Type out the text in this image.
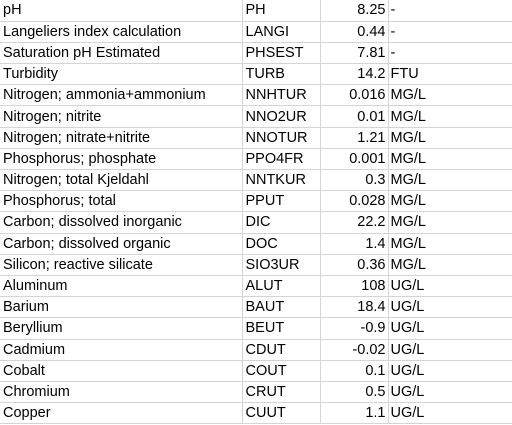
pH	PH	8.25	-
Langeliers index calculation	LANGI	0.44	-
Saturation pH Estimated	PHSEST	7.81	-
Turbidity	TURB	14.2	FTU
Nitrogen; ammonia+ammonium	NNHTUR	0.016	MG/L
Nitrogen; nitrite	NNO2UR	0.01	MG/L
Nitrogen; nitrate+nitrite	NNOTUR	1.21	MG/L
Phosphorus; phosphate	PPO4FR	0.001	MG/L
Nitrogen; total Kjeldahl	NNTKUR	0.3	MG/L
Phosphorus; total	PPUT	0.028	MG/L
Carbon; dissolved inorganic	DIC	22.2	MG/L
Carbon; dissolved organic	DOC	1.4	MG/L
Silicon; reactive silicate	SIO3UR	0.36	MG/L
Aluminum	ALUT	108	UG/L
Barium	BAUT	18.4	UG/L
Beryllium	BEUT	-0.9	UG/L
Cadmium	CDUT	-0.02	UG/L
Cobalt	COUT	0.1	UG/L
Chromium	CRUT	0.5	UG/L
Copper	CUUT	1.1	UG/L
